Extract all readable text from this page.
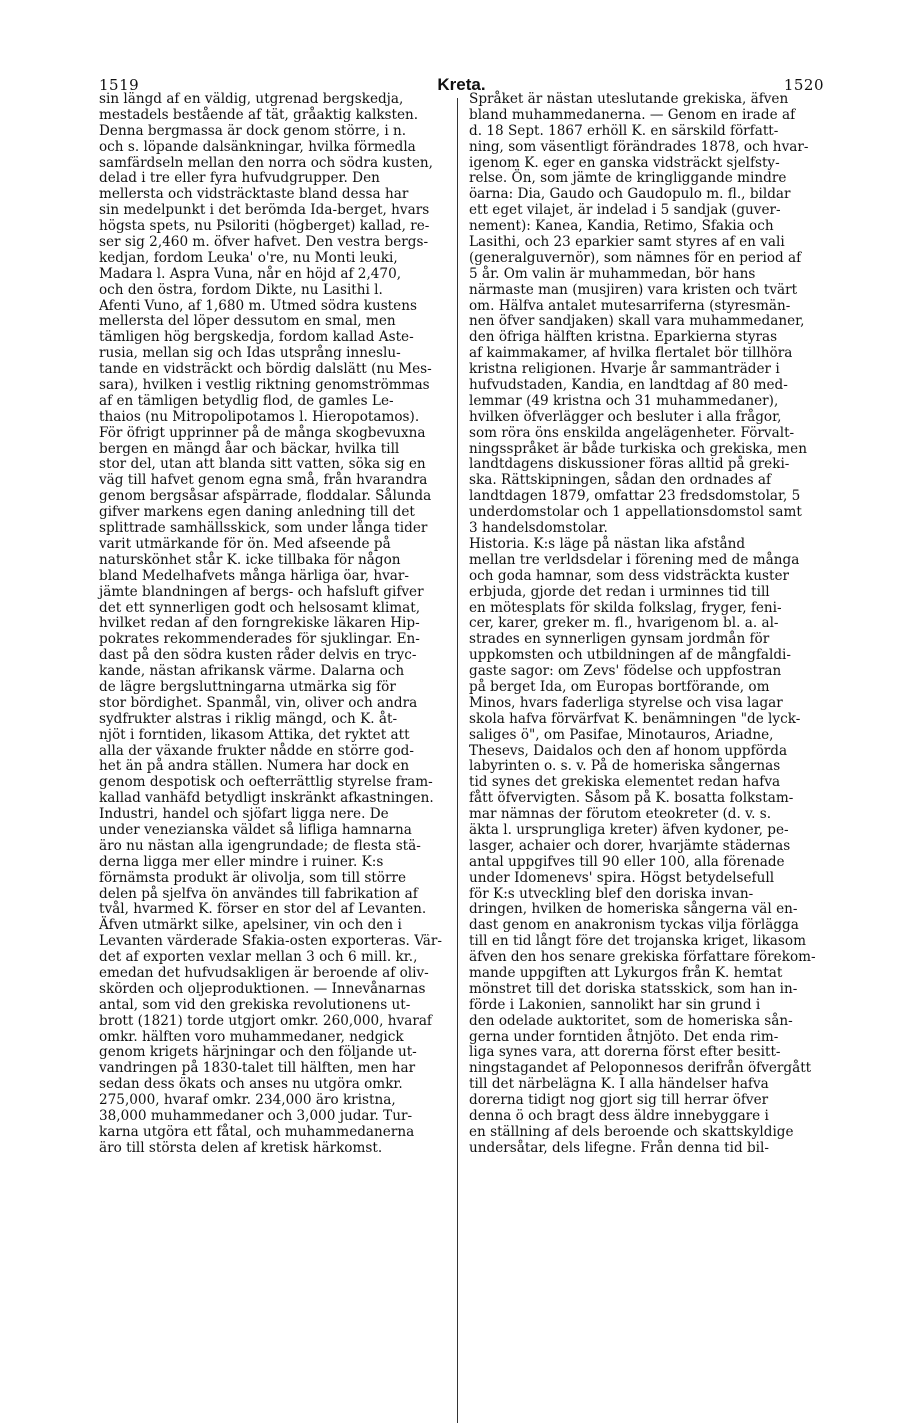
1519	Kreta.	1520
sin längd af en väldig, utgrenad bergskedja,
mestadels bestående af tät, gråaktig kalksten.
Denna bergmassa är dock genom större, i n.
och s. löpande dalsänkningar, hvilka förmedla
samfärdseln mellan den norra och södra kusten,
delad i tre eller fyra hufvudgrupper. Den
mellersta och vidsträcktaste bland dessa har
sin medelpunkt i det berömda Ida-berget, hvars
högsta spets, nu Psiloriti (högberget) kallad, re-
ser sig 2,460 m. öfver hafvet. Den vestra bergs-
kedjan, fordom Leuka' o're, nu Monti leuki,
Madara l. Aspra Vuna, når en höjd af 2,470,
och den östra, fordom Dikte, nu Lasithi l.
Afenti Vuno, af 1,680 m. Utmed södra kustens
mellersta del löper dessutom en smal, men
tämligen hög bergskedja, fordom kallad Aste-
rusia, mellan sig och Idas utsprång inneslu-
tande en vidsträckt och bördig dalslätt (nu Mes-
sara), hvilken i vestlig riktning genomströmmas
af en tämligen betydlig flod, de gamles Le-
thaios (nu Mitropolipotamos l. Hieropotamos).
För öfrigt upprinner på de många skogbevuxna
bergen en mängd åar och bäckar, hvilka till
stor del, utan att blanda sitt vatten, söka sig en
väg till hafvet genom egna små, från hvarandra
genom bergsåsar afspärrade, floddalar. Sålunda
gifver markens egen daning anledning till det
splittrade samhällsskick, som under långa tider
varit utmärkande för ön. Med afseende på
naturskönhet står K. icke tillbaka för någon
bland Medelhafvets många härliga öar, hvar-
jämte blandningen af bergs- och hafsluft gifver
det ett synnerligen godt och helsosamt klimat,
hvilket redan af den forngrekiske läkaren Hip-
pokrates rekommenderades för sjuklingar. En-
dast på den södra kusten råder delvis en tryc-
kande, nästan afrikansk värme. Dalarna och
de lägre bergsluttningarna utmärka sig för
stor bördighet. Spanmål, vin, oliver och andra
sydfrukter alstras i riklig mängd, och K. åt-
njöt i forntiden, likasom Attika, det ryktet att
alla der växande frukter nådde en större god-
het än på andra ställen. Numera har dock en
genom despotisk och oefterrättlig styrelse fram-
kallad vanhäfd betydligt inskränkt afkastningen.
Industri, handel och sjöfart ligga nere. De
under venezianska väldet så lifliga hamnarna
äro nu nästan alla igengrundade; de flesta stä-
derna ligga mer eller mindre i ruiner. K:s
förnämsta produkt är olivolja, som till större
delen på sjelfva ön användes till fabrikation af
tvål, hvarmed K. förser en stor del af Levanten.
Äfven utmärkt silke, apelsiner, vin och den i
Levanten värderade Sfakia-osten exporteras. Vär-
det af exporten vexlar mellan 3 och 6 mill. kr.,
emedan det hufvudsakligen är beroende af oliv-
skörden och oljeproduktionen. — Innevånarnas
antal, som vid den grekiska revolutionens ut-
brott (1821) torde utgjort omkr. 260,000, hvaraf
omkr. hälften voro muhammedaner, nedgick
genom krigets härjningar och den följande ut-
vandringen på 1830-talet till hälften, men har
sedan dess ökats och anses nu utgöra omkr.
275,000, hvaraf omkr. 234,000 äro kristna,
38,000 muhammedaner och 3,000 judar. Tur-
karna utgöra ett fåtal, och muhammedanerna
äro till största delen af kretisk härkomst.
Språket är nästan uteslutande grekiska, äfven
bland muhammedanerna. — Genom en irade af
d. 18 Sept. 1867 erhöll K. en särskild författ-
ning, som väsentligt förändrades 1878, och hvar-
igenom K. eger en ganska vidsträckt sjelfsty-
relse. Ön, som jämte de kringliggande mindre
öarna: Dia, Gaudo och Gaudopulo m. fl., bildar
ett eget vilajet, är indelad i 5 sandjak (guver-
nement): Kanea, Kandia, Retimo, Sfakia och
Lasithi, och 23 eparkier samt styres af en vali
(generalguvernör), som nämnes för en period af
5 år. Om valin är muhammedan, bör hans
närmaste man (musjiren) vara kristen och tvärt
om. Hälfva antalet mutesarriferna (styresmän-
nen öfver sandjaken) skall vara muhammedaner,
den öfriga hälften kristna. Eparkierna styras
af kaimmakamer, af hvilka flertalet bör tillhöra
kristna religionen. Hvarje år sammanträder i
hufvudstaden, Kandia, en landtdag af 80 med-
lemmar (49 kristna och 31 muhammedaner),
hvilken öfverlägger och besluter i alla frågor,
som röra öns enskilda angelägenheter. Förvalt-
ningsspråket är både turkiska och grekiska, men
landtdagens diskussioner föras alltid på greki-
ska. Rättskipningen, sådan den ordnades af
landtdagen 1879, omfattar 23 fredsdomstolar, 5
underdomstolar och 1 appellationsdomstol samt
3 handelsdomstolar.
Historia. K:s läge på nästan lika afstånd
mellan tre verldsdelar i förening med de många
och goda hamnar, som dess vidsträckta kuster
erbjuda, gjorde det redan i urminnes tid till
en mötesplats för skilda folkslag, fryger, feni-
cer, karer, greker m. fl., hvarigenom bl. a. al-
strades en synnerligen gynsam jordmån för
uppkomsten och utbildningen af de mångfaldi-
gaste sagor: om Zevs' födelse och uppfostran
på berget Ida, om Europas bortförande, om
Minos, hvars faderliga styrelse och visa lagar
skola hafva förvärfvat K. benämningen "de lyck-
saliges ö", om Pasifae, Minotauros, Ariadne,
Thesevs, Daidalos och den af honom uppförda
labyrinten o. s. v. På de homeriska sångernas
tid synes det grekiska elementet redan hafva
fått öfvervigten. Såsom på K. bosatta folkstam-
mar nämnas der förutom eteokreter (d. v. s.
äkta l. ursprungliga kreter) äfven kydoner, pe-
lasger, achaier och dorer, hvarjämte städernas
antal uppgifves till 90 eller 100, alla förenade
under Idomenevs' spira. Högst betydelsefull
för K:s utveckling blef den doriska invan-
dringen, hvilken de homeriska sångerna väl en-
dast genom en anakronism tyckas vilja förlägga
till en tid långt före det trojanska kriget, likasom
äfven den hos senare grekiska författare förekom-
mande uppgiften att Lykurgos från K. hemtat
mönstret till det doriska statsskick, som han in-
förde i Lakonien, sannolikt har sin grund i
den odelade auktoritet, som de homeriska sån-
gerna under forntiden åtnjöto. Det enda rim-
liga synes vara, att dorerna först efter besitt-
ningstagandet af Peloponnesos derifrån öfvergått
till det närbelägna K. I alla händelser hafva
dorerna tidigt nog gjort sig till herrar öfver
denna ö och bragt dess äldre innebyggare i
en ställning af dels beroende och skattskyldige
undersåtar, dels lifegne. Från denna tid bil-
